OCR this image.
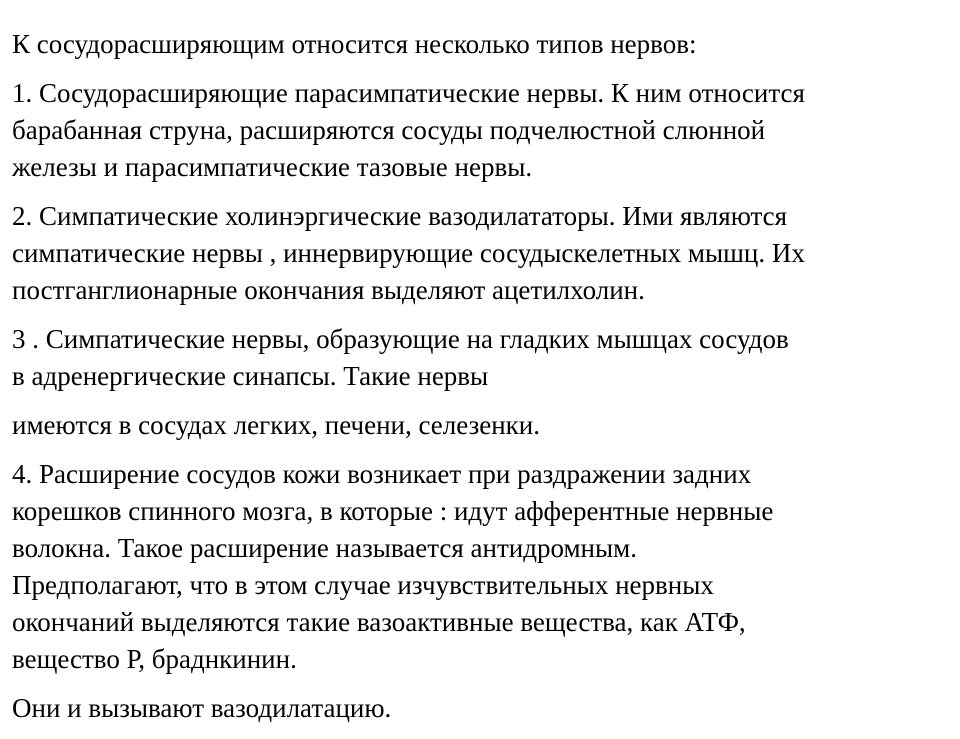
К сосудорасширяющим относится несколько типов нервов:

1. Сосудорасширяющие парасимпатические нервы. К ним относится
барабанная струна, расширяются сосуды подчелюстной слюнной
железы и парасимпатические тазовые нервы.

2. Симпатические холинэргические вазодилататоры. Ими являются
симпатические нервы , иннервирующие сосудыскелетных мышц. Их
постганглионарные окончания выделяют ацетилхолин.

3 . Симпатические нервы, образующие на гладких мышцах сосудов
в адренергические синапсы. Такие нервы

имеются в сосудах легких, печени, селезенки.

4. Расширение сосудов кожи возникает при раздражении задних
корешков спинного мозга, в которые : идут афферентные нервные
волокна. Такое расширение называется антидромным.
Предполагают, что в этом случае изчувствительных нервных
окончаний выделяются такие вазоактивные вещества, как АТФ,
вещество Р, браднкинин.

Они и вызывают вазодилатацию.
